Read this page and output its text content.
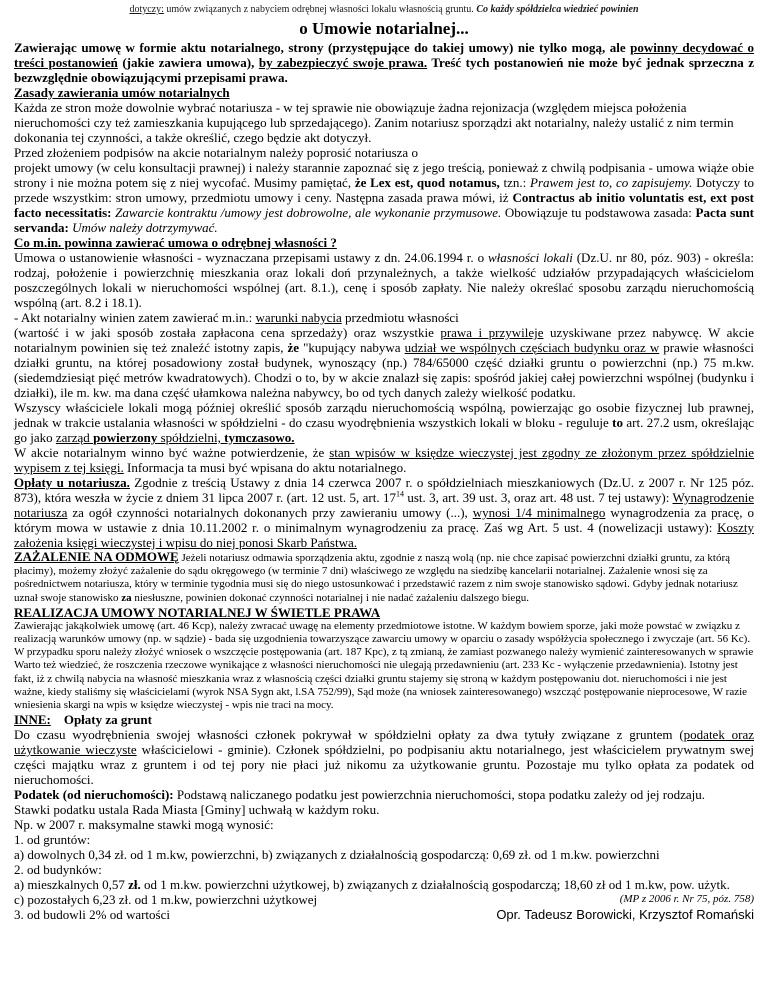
dotyczy: umów związanych z nabyciem odrębnej własności lokalu własnością gruntu. Co każdy spółdzielca wiedzieć powinien

o Umowie notarialnej...

Zawierając umowę w formie aktu notarialnego, strony (przystępujące do takiej umowy) nie tylko mogą, ale powinny decydować o treści postanowień (jakie zawiera umowa), by zabezpieczyć swoje prawa. Treść tych postanowień nie może być jednak sprzeczna z bezwzględnie obowiązującymi przepisami prawa.

Zasady zawierania umów notarialnych

Każda ze stron może dowolnie wybrać notariusza - w tej sprawie nie obowiązuje żadna rejonizacja (względem miejsca położenia nieruchomości czy też zamieszkania kupującego lub sprzedającego). Zanim notariusz sporządzi akt notarialny, należy ustalić z nim termin dokonania tej czynności, a także określić, czego będzie akt dotyczył.

Przed złożeniem podpisów na akcie notarialnym należy poprosić notariusza o

projekt umowy (w celu konsultacji prawnej) i należy starannie zapoznać się z jego treścią, ponieważ z chwilą podpisania - umowa wiąże obie strony i nie można potem się z niej wycofać. Musimy pamiętać, że Lex est, quod notamus, tzn.: Prawem jest to, co zapisujemy. Dotyczy to przede wszystkim: stron umowy, przedmiotu umowy i ceny. Następna zasada prawa mówi, iż Contractus ab initio voluntatis est, ext post facto necessitatis: Zawarcie kontraktu /umowy jest dobrowolne, ale wykonanie przymusowe. Obowiązuje tu podstawowa zasada: Pacta sunt servanda: Umów należy dotrzymywać.

Co m.in. powinna zawierać umowa o odrębnej własności ?

Umowa o ustanowienie własności - wyznaczana przepisami ustawy z dn. 24.06.1994 r. o własności lokali (Dz.U. nr 80, póz. 903) - określa: rodzaj, położenie i powierzchnię mieszkania oraz lokali doń przynależnych, a także wielkość udziałów przypadających właścicielom poszczególnych lokali w nieruchomości wspólnej (art. 8.1.), cenę i sposób zapłaty. Nie należy określać sposobu zarządu nieruchomością wspólną (art. 8.2 i 18.1).

- Akt notarialny winien zatem zawierać m.in.: warunki nabycia przedmiotu własności

(wartość i w jaki sposób została zapłacona cena sprzedaży) oraz wszystkie prawa i przywileje uzyskiwane przez nabywcę. W akcie notarialnym powinien się też znaleźć istotny zapis, że "kupujący nabywa udział we wspólnych częściach budynku oraz w prawie własności działki gruntu, na której posadowiony został budynek, wynoszący (np.) 784/65000 część działki gruntu o powierzchni (np.) 75 m.kw. (siedemdziesiąt pięć metrów kwadratowych). Chodzi o to, by w akcie znalazł się zapis: spośród jakiej całej powierzchni wspólnej (budynku i działki), ile m. kw. ma dana część ułamkowa należna nabywcy, bo od tych danych zależy wielkość podatku.

Wszyscy właściciele lokali mogą później określić sposób zarządu nieruchomością wspólną, powierzając go osobie fizycznej lub prawnej, jednak w trakcie ustalania własności w spółdzielni - do czasu wyodrębnienia wszystkich lokali w bloku - reguluje to art. 27.2 usm, określając go jako zarząd powierzony spółdzielni, tymczasowo.

W akcie notarialnym winno być ważne potwierdzenie, że stan wpisów w księdze wieczystej jest zgodny ze złożonym przez spółdzielnie wypisem z tej księgi. Informacja ta musi być wpisana do aktu notarialnego.

Opłaty u notariusza. Zgodnie z treścią Ustawy z dnia 14 czerwca 2007 r. o spółdzielniach mieszkaniowych (Dz.U. z 2007 r. Nr 125 póz. 873), która weszła w życie z dniem 31 lipca 2007 r. (art. 12 ust. 5, art. $17^{14}$ ust. 3, art. 39 ust. 3, oraz art. 48 ust. 7 tej ustawy): Wynagrodzenie notariusza za ogół czynności notarialnych dokonanych przy zawieraniu umowy (...), wynosi 1/4 minimalnego wynagrodzenia za pracę, o którym mowa w ustawie z dnia 10.11.2002 r. o minimalnym wynagrodzeniu za pracę. Zaś wg Art. 5 ust. 4 (nowelizacji ustawy): Koszty założenia księgi wieczystej i wpisu do niej ponosi Skarb Państwa.

ZAŻALENIE NA ODMOWĘ Jeżeli notariusz odmawia sporządzenia aktu, zgodnie z naszą wolą (np. nie chce zapisać powierzchni działki gruntu, za którą płacimy), możemy złożyć zażalenie do sądu okręgowego (w terminie 7 dni) właściwego ze względu na siedzibę kancelarii notarialnej. Zażalenie wnosi się za pośrednictwem notariusza, który w terminie tygodnia musi się do niego ustosunkować i przedstawić razem z nim swoje stanowisko sądowi. Gdyby jednak notariusz uznał swoje stanowisko za niesłuszne, powinien dokonać czynności notarialnej i nie nadać zażaleniu dalszego biegu.

REALIZACJA UMOWY NOTARIALNEJ W ŚWIETLE PRAWA

Zawierając jakąkolwiek umowę (art. 46 Kcp), należy zwracać uwagę na elementy przedmiotowe istotne. W każdym bowiem sporze, jaki może powstać w związku z realizacją warunków umowy (np. w sądzie) - bada się uzgodnienia towarzyszące zawarciu umowy w oparciu o zasady współżycia społecznego i zwyczaje (art. 56 Kc). W przypadku sporu należy złożyć wniosek o wszczęcie postępowania (art. 187 Kpc), z tą zmianą, że zamiast pozwanego należy wymienić zainteresowanych w sprawie Warto też wiedzieć, że roszczenia rzeczowe wynikające z własności nieruchomości nie ulegają przedawnieniu (art. 233 Kc - wyłączenie przedawnienia). Istotny jest fakt, iż z chwilą nabycia na własność mieszkania wraz z własnością części działki gruntu stajemy się stroną w każdym postępowaniu dot. nieruchomości i nie jest ważne, kiedy staliśmy się właścicielami (wyrok NSA Sygn akt, l.SA 752/99), Sąd może (na wniosek zainteresowanego) wszcząć postępowanie nieprocesowe, W razie wniesienia skargi na wpis w księdze wieczystej - wpis nie traci na mocy.

INNE: Opłaty za grunt

Do czasu wyodrębnienia swojej własności członek pokrywał w spółdzielni opłaty za dwa tytuły związane z gruntem (podatek oraz użytkowanie wieczyste właścicielowi - gminie). Członek spółdzielni, po podpisaniu aktu notarialnego, jest właścicielem prywatnym swej części majątku wraz z gruntem i od tej pory nie płaci już nikomu za użytkowanie gruntu. Pozostaje mu tylko opłata za podatek od nieruchomości.

Podatek (od nieruchomości): Podstawą naliczanego podatku jest powierzchnia nieruchomości, stopa podatku zależy od jej rodzaju.

Stawki podatku ustala Rada Miasta [Gminy] uchwałą w każdym roku.

Np. w 2007 r. maksymalne stawki mogą wynosić:

1. od gruntów:

a) dowolnych 0,34 zł. od 1 m.kw, powierzchni, b) związanych z działalnością gospodarczą: 0,69 zł. od 1 m.kw. powierzchni

2. od budynków:

a) mieszkalnych 0,57 zł. od 1 m.kw. powierzchni użytkowej, b) związanych z działalnością gospodarczą; 18,60 zł od 1 m.kw, pow. użytk.

c) pozostałych 6,23 zł. od 1 m.kw, powierzchni użytkowej	(MP z 2006 r. Nr 75, póz. 758)

3. od budowli 2% od wartości	Opr. Tadeusz Borowicki, Krzysztof Romański
